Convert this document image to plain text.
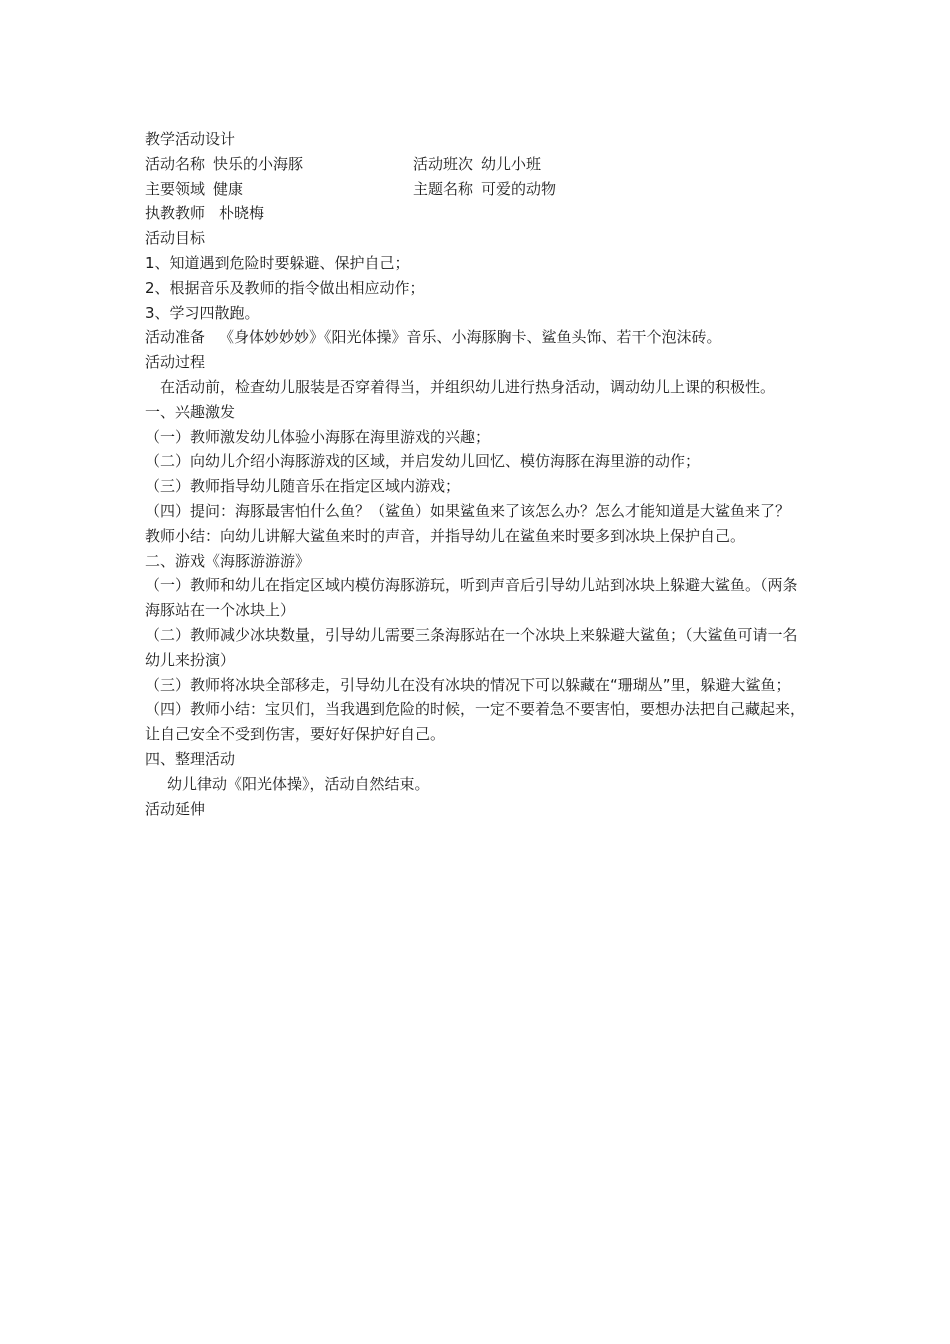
教学活动设计
活动名称 快乐的小海豚	活动班次 幼儿小班
主要领域 健康	主题名称 可爱的动物
执教教师 朴晓梅
活动目标
1、知道遇到危险时要躲避、保护自己；
2、根据音乐及教师的指令做出相应动作；
3、学习四散跑。
活动准备 《身体妙妙妙》《阳光体操》音乐、小海豚胸卡、鲨鱼头饰、若干个泡沫砖。
活动过程
在活动前，检查幼儿服装是否穿着得当，并组织幼儿进行热身活动，调动幼儿上课的积极性。
一、兴趣激发
（一）教师激发幼儿体验小海豚在海里游戏的兴趣；
（二）向幼儿介绍小海豚游戏的区域，并启发幼儿回忆、模仿海豚在海里游的动作；
（三）教师指导幼儿随音乐在指定区域内游戏；
（四）提问：海豚最害怕什么鱼？（鲨鱼）如果鲨鱼来了该怎么办？怎么才能知道是大鲨鱼来了？
教师小结：向幼儿讲解大鲨鱼来时的声音，并指导幼儿在鲨鱼来时要多到冰块上保护自己。
二、游戏《海豚游游游》
（一）教师和幼儿在指定区域内模仿海豚游玩，听到声音后引导幼儿站到冰块上躲避大鲨鱼。（两条海豚站在一个冰块上）
（二）教师减少冰块数量，引导幼儿需要三条海豚站在一个冰块上来躲避大鲨鱼；（大鲨鱼可请一名幼儿来扮演）
（三）教师将冰块全部移走，引导幼儿在没有冰块的情况下可以躲藏在“珊瑚丛”里，躲避大鲨鱼；
（四）教师小结：宝贝们，当我遇到危险的时候，一定不要着急不要害怕，要想办法把自己藏起来，让自己安全不受到伤害，要好好保护好自己。
四、整理活动
幼儿律动《阳光体操》，活动自然结束。
活动延伸
